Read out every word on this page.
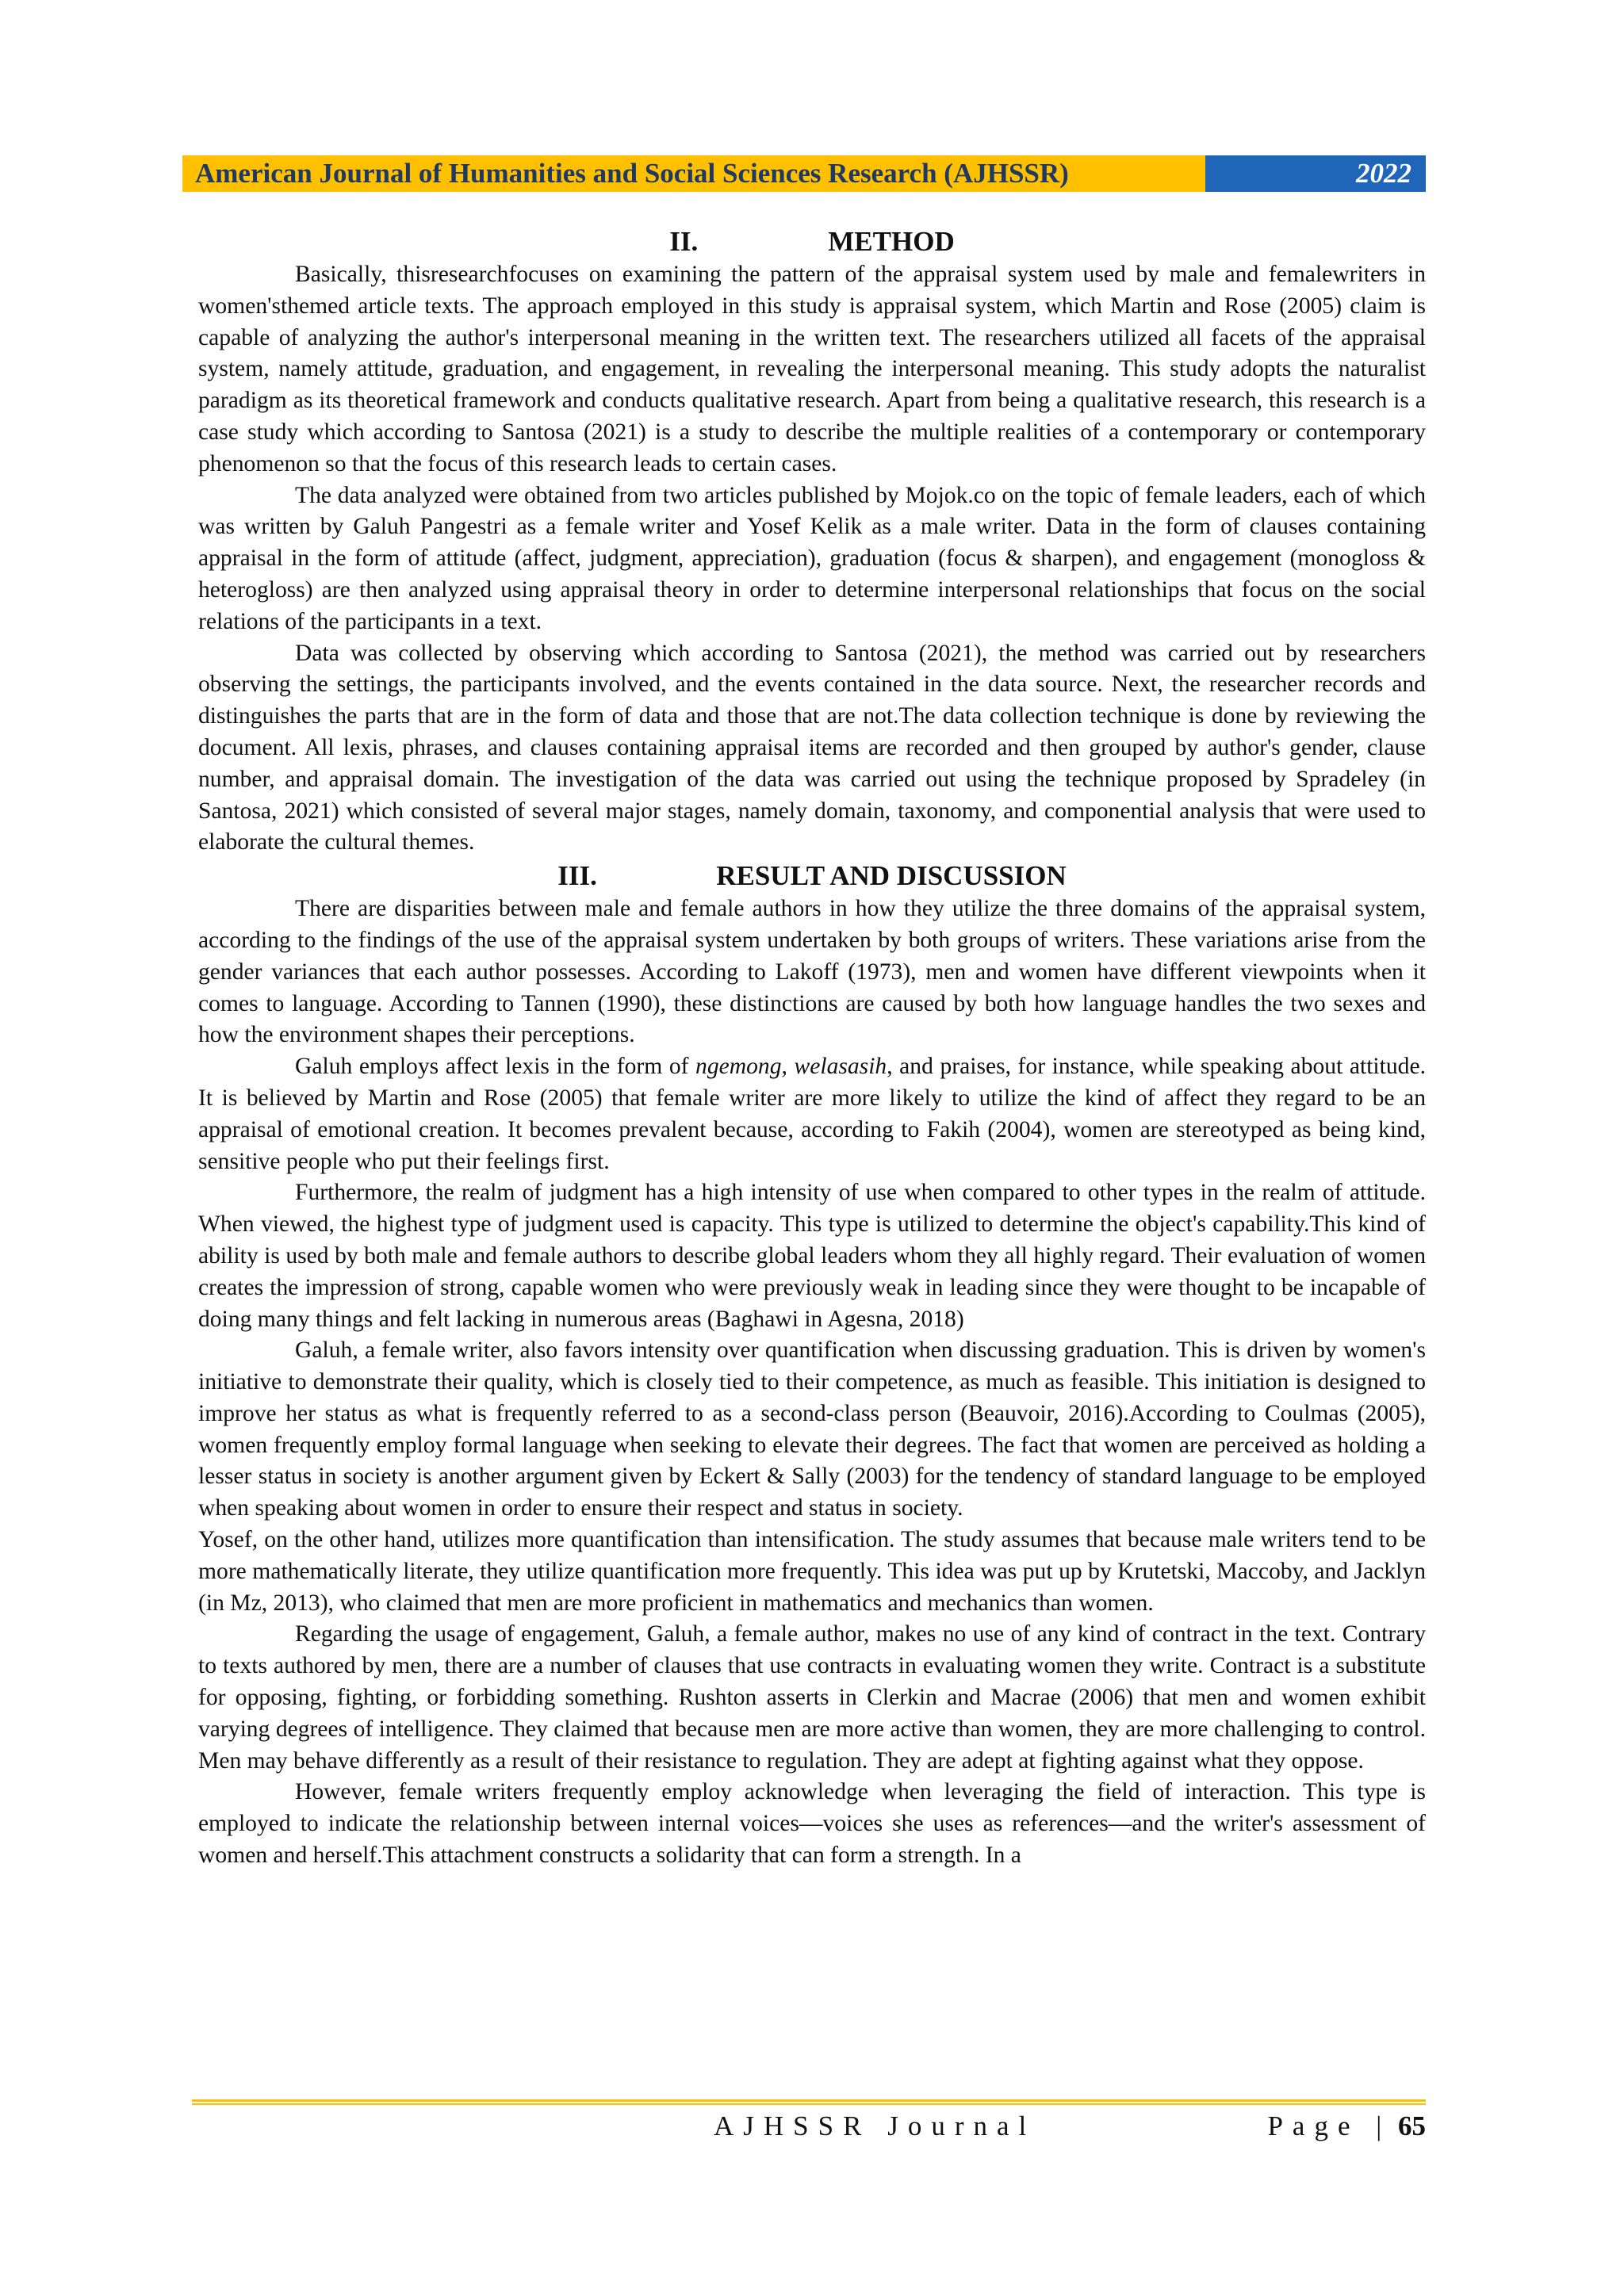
American Journal of Humanities and Social Sciences Research (AJHSSR)	2022
II.	METHOD

Basically, thisresearchfocuses on examining the pattern of the appraisal system used by male and femalewriters in women'sthemed article texts. The approach employed in this study is appraisal system, which Martin and Rose (2005) claim is capable of analyzing the author's interpersonal meaning in the written text. The researchers utilized all facets of the appraisal system, namely attitude, graduation, and engagement, in revealing the interpersonal meaning. This study adopts the naturalist paradigm as its theoretical framework and conducts qualitative research. Apart from being a qualitative research, this research is a case study which according to Santosa (2021) is a study to describe the multiple realities of a contemporary or contemporary phenomenon so that the focus of this research leads to certain cases.

The data analyzed were obtained from two articles published by Mojok.co on the topic of female leaders, each of which was written by Galuh Pangestri as a female writer and Yosef Kelik as a male writer. Data in the form of clauses containing appraisal in the form of attitude (affect, judgment, appreciation), graduation (focus & sharpen), and engagement (monogloss & heterogloss) are then analyzed using appraisal theory in order to determine interpersonal relationships that focus on the social relations of the participants in a text.

Data was collected by observing which according to Santosa (2021), the method was carried out by researchers observing the settings, the participants involved, and the events contained in the data source. Next, the researcher records and distinguishes the parts that are in the form of data and those that are not.The data collection technique is done by reviewing the document. All lexis, phrases, and clauses containing appraisal items are recorded and then grouped by author's gender, clause number, and appraisal domain. The investigation of the data was carried out using the technique proposed by Spradeley (in Santosa, 2021) which consisted of several major stages, namely domain, taxonomy, and componential analysis that were used to elaborate the cultural themes.

III.	RESULT AND DISCUSSION

There are disparities between male and female authors in how they utilize the three domains of the appraisal system, according to the findings of the use of the appraisal system undertaken by both groups of writers. These variations arise from the gender variances that each author possesses. According to Lakoff (1973), men and women have different viewpoints when it comes to language. According to Tannen (1990), these distinctions are caused by both how language handles the two sexes and how the environment shapes their perceptions.

Galuh employs affect lexis in the form of ngemong, welasasih, and praises, for instance, while speaking about attitude. It is believed by Martin and Rose (2005) that female writer are more likely to utilize the kind of affect they regard to be an appraisal of emotional creation. It becomes prevalent because, according to Fakih (2004), women are stereotyped as being kind, sensitive people who put their feelings first.

Furthermore, the realm of judgment has a high intensity of use when compared to other types in the realm of attitude. When viewed, the highest type of judgment used is capacity. This type is utilized to determine the object's capability.This kind of ability is used by both male and female authors to describe global leaders whom they all highly regard. Their evaluation of women creates the impression of strong, capable women who were previously weak in leading since they were thought to be incapable of doing many things and felt lacking in numerous areas (Baghawi in Agesna, 2018)

Galuh, a female writer, also favors intensity over quantification when discussing graduation. This is driven by women's initiative to demonstrate their quality, which is closely tied to their competence, as much as feasible. This initiation is designed to improve her status as what is frequently referred to as a second-class person (Beauvoir, 2016).According to Coulmas (2005), women frequently employ formal language when seeking to elevate their degrees. The fact that women are perceived as holding a lesser status in society is another argument given by Eckert & Sally (2003) for the tendency of standard language to be employed when speaking about women in order to ensure their respect and status in society.

Yosef, on the other hand, utilizes more quantification than intensification. The study assumes that because male writers tend to be more mathematically literate, they utilize quantification more frequently. This idea was put up by Krutetski, Maccoby, and Jacklyn (in Mz, 2013), who claimed that men are more proficient in mathematics and mechanics than women.

Regarding the usage of engagement, Galuh, a female author, makes no use of any kind of contract in the text. Contrary to texts authored by men, there are a number of clauses that use contracts in evaluating women they write. Contract is a substitute for opposing, fighting, or forbidding something. Rushton asserts in Clerkin and Macrae (2006) that men and women exhibit varying degrees of intelligence. They claimed that because men are more active than women, they are more challenging to control. Men may behave differently as a result of their resistance to regulation. They are adept at fighting against what they oppose.

However, female writers frequently employ acknowledge when leveraging the field of interaction. This type is employed to indicate the relationship between internal voices—voices she uses as references—and the writer's assessment of women and herself.This attachment constructs a solidarity that can form a strength. In a

AJHSSR Journal	Page | 65
